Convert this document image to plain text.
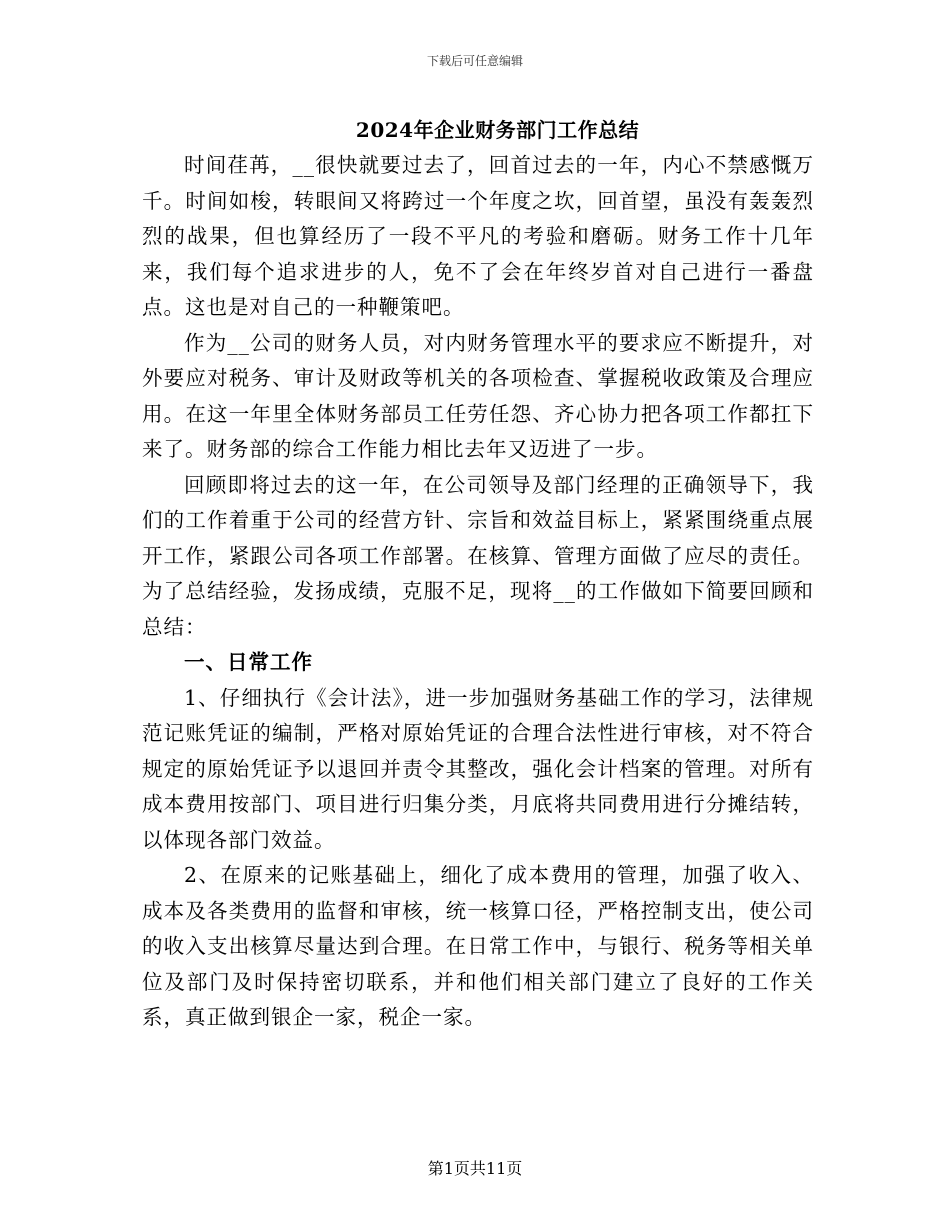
下载后可任意编辑
2024年企业财务部门工作总结

时间荏苒，__很快就要过去了，回首过去的一年，内心不禁感慨万千。时间如梭，转眼间又将跨过一个年度之坎，回首望，虽没有轰轰烈烈的战果，但也算经历了一段不平凡的考验和磨砺。财务工作十几年来，我们每个追求进步的人，免不了会在年终岁首对自己进行一番盘点。这也是对自己的一种鞭策吧。

作为__公司的财务人员，对内财务管理水平的要求应不断提升，对外要应对税务、审计及财政等机关的各项检查、掌握税收政策及合理应用。在这一年里全体财务部员工任劳任怨、齐心协力把各项工作都扛下来了。财务部的综合工作能力相比去年又迈进了一步。

回顾即将过去的这一年，在公司领导及部门经理的正确领导下，我们的工作着重于公司的经营方针、宗旨和效益目标上，紧紧围绕重点展开工作，紧跟公司各项工作部署。在核算、管理方面做了应尽的责任。为了总结经验，发扬成绩，克服不足，现将__的工作做如下简要回顾和总结：

一、日常工作

1、仔细执行《会计法》，进一步加强财务基础工作的学习，法律规范记账凭证的编制，严格对原始凭证的合理合法性进行审核，对不符合规定的原始凭证予以退回并责令其整改，强化会计档案的管理。对所有成本费用按部门、项目进行归集分类，月底将共同费用进行分摊结转，以体现各部门效益。

2、在原来的记账基础上，细化了成本费用的管理，加强了收入、成本及各类费用的监督和审核，统一核算口径，严格控制支出，使公司的收入支出核算尽量达到合理。在日常工作中，与银行、税务等相关单位及部门及时保持密切联系，并和他们相关部门建立了良好的工作关系，真正做到银企一家，税企一家。

第1页共11页
